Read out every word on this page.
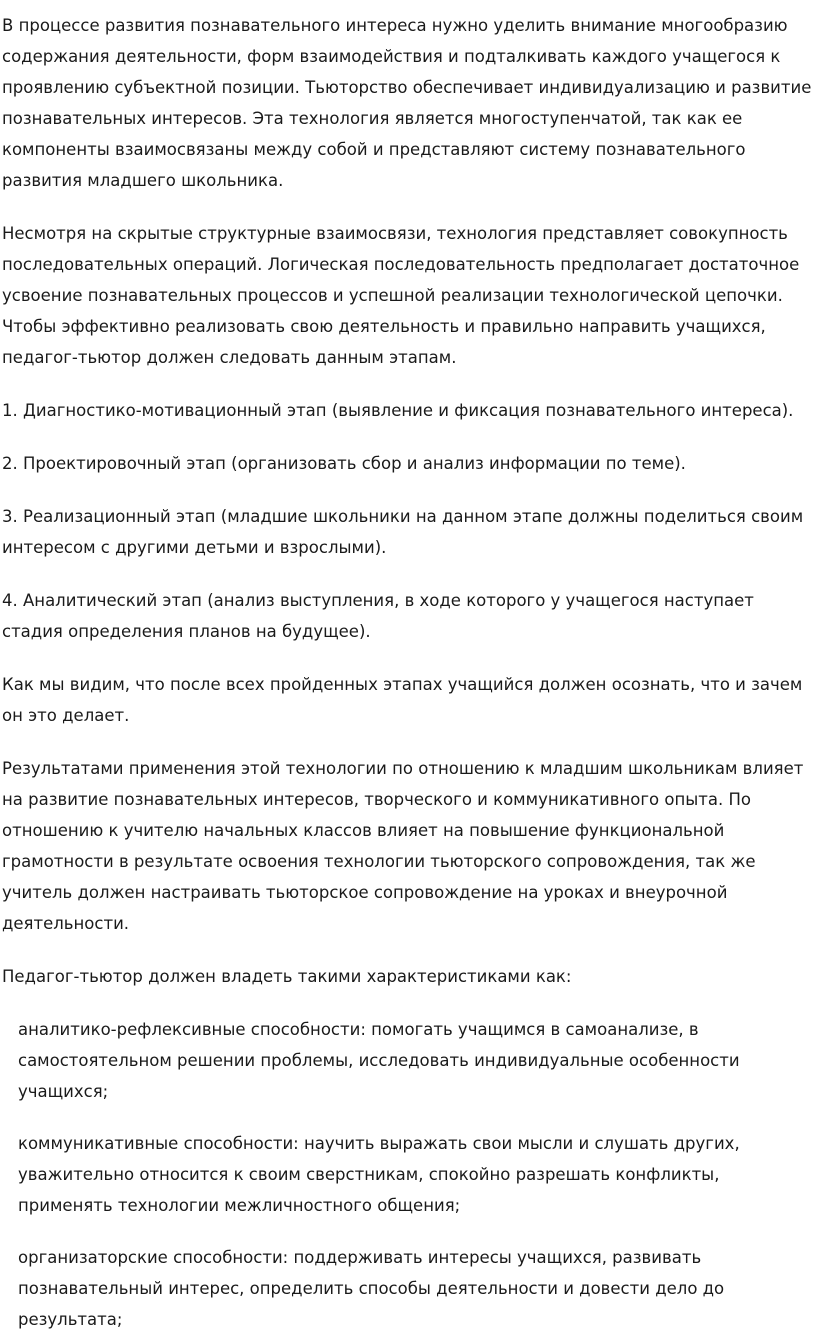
В процессе развития познавательного интереса нужно уделить внимание многообразию содержания деятельности, форм взаимодействия и подталкивать каждого учащегося к проявлению субъектной позиции. Тьюторство обеспечивает индивидуализацию и развитие познавательных интересов. Эта технология является многоступенчатой, так как ее компоненты взаимосвязаны между собой и представляют систему познавательного развития младшего школьника.

Несмотря на скрытые структурные взаимосвязи, технология представляет совокупность последовательных операций. Логическая последовательность предполагает достаточное усвоение познавательных процессов и успешной реализации технологической цепочки. Чтобы эффективно реализовать свою деятельность и правильно направить учащихся, педагог-тьютор должен следовать данным этапам.

1. Диагностико-мотивационный этап (выявление и фиксация познавательного интереса).

2. Проектировочный этап (организовать сбор и анализ информации по теме).

3. Реализационный этап (младшие школьники на данном этапе должны поделиться своим интересом с другими детьми и взрослыми).

4. Аналитический этап (анализ выступления, в ходе которого у учащегося наступает стадия определения планов на будущее).

Как мы видим, что после всех пройденных этапах учащийся должен осознать, что и зачем он это делает.

Результатами применения этой технологии по отношению к младшим школьникам влияет на развитие познавательных интересов, творческого и коммуникативного опыта. По отношению к учителю начальных классов влияет на повышение функциональной грамотности в результате освоения технологии тьюторского сопровождения, так же учитель должен настраивать тьюторское сопровождение на уроках и внеурочной деятельности.

Педагог-тьютор должен владеть такими характеристиками как:

аналитико-рефлексивные способности: помогать учащимся в самоанализе, в самостоятельном решении проблемы, исследовать индивидуальные особенности учащихся;

коммуникативные способности: научить выражать свои мысли и слушать других, уважительно относится к своим сверстникам, спокойно разрешать конфликты, применять технологии межличностного общения;

организаторские способности: поддерживать интересы учащихся, развивать познавательный интерес, определить способы деятельности и довести дело до результата;
